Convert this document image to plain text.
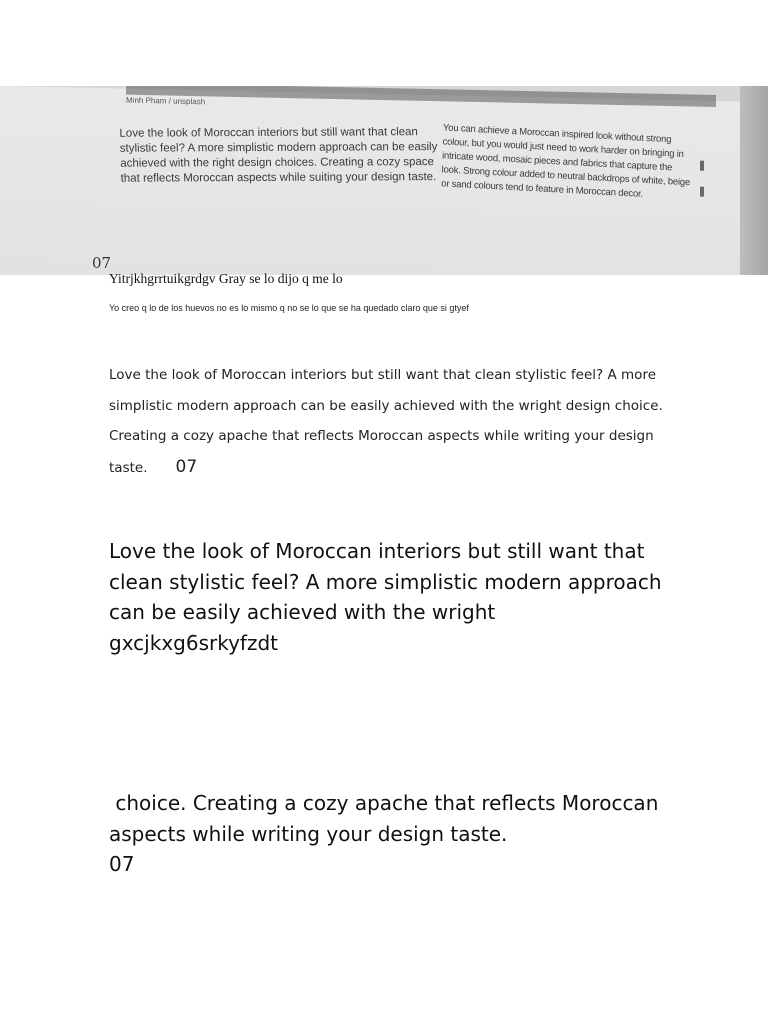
Minh Pham / unsplash
Love the look of Moroccan interiors but still want that clean stylistic feel? A more simplistic modern approach can be easily achieved with the right design choices. Creating a cozy space that reflects Moroccan aspects while suiting your design taste.
You can achieve a Moroccan inspired look without strong colour, but you would just need to work harder on bringing in intricate wood, mosaic pieces and fabrics that capture the look. Strong colour added to neutral backdrops of white, beige or sand colours tend to feature in Moroccan decor.
07
Yitrjkhgrrtuikgrdgv Gray se lo dijo q me lo
Yo creo q lo de los huevos no es lo mismo q no se lo que se ha quedado claro que si gtyef
Love the look of Moroccan interiors but still want that clean stylistic feel? A more simplistic modern approach can be easily achieved with the wright design choice. Creating a cozy apache that reflects Moroccan aspects while writing your design taste. 07
Love the look of Moroccan interiors but still want that clean stylistic feel? A more simplistic modern approach can be easily achieved with the wright gxcjkxg6srkyfzdt
choice. Creating a cozy apache that reflects Moroccan aspects while writing your design taste.
07
